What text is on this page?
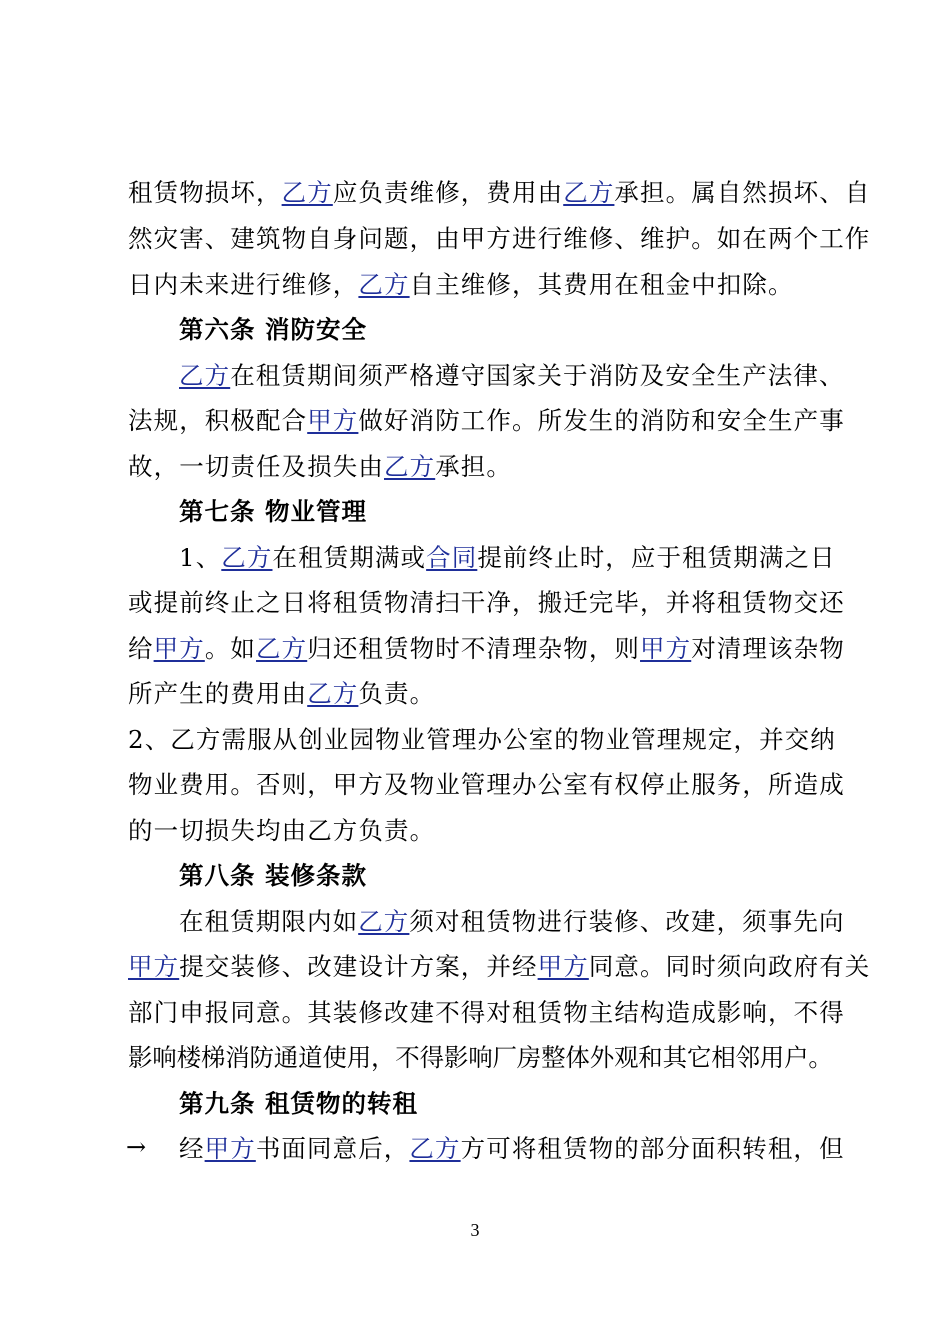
租赁物损坏，乙方应负责维修，费用由乙方承担。属自然损坏、自
然灾害、建筑物自身问题，由甲方进行维修、维护。如在两个工作
日内未来进行维修，乙方自主维修，其费用在租金中扣除。
第六条 消防安全
乙方在租赁期间须严格遵守国家关于消防及安全生产法律、
法规，积极配合甲方做好消防工作。所发生的消防和安全生产事
故，一切责任及损失由乙方承担。
第七条 物业管理
1、乙方在租赁期满或合同提前终止时，应于租赁期满之日
或提前终止之日将租赁物清扫干净，搬迁完毕，并将租赁物交还
给甲方。如乙方归还租赁物时不清理杂物，则甲方对清理该杂物
所产生的费用由乙方负责。
2、乙方需服从创业园物业管理办公室的物业管理规定，并交纳
物业费用。否则，甲方及物业管理办公室有权停止服务，所造成
的一切损失均由乙方负责。
第八条 装修条款
在租赁期限内如乙方须对租赁物进行装修、改建，须事先向
甲方提交装修、改建设计方案，并经甲方同意。同时须向政府有关
部门申报同意。其装修改建不得对租赁物主结构造成影响，不得
影响楼梯消防通道使用，不得影响厂房整体外观和其它相邻用户。
第九条 租赁物的转租
→ 经甲方书面同意后，乙方方可将租赁物的部分面积转租，但
3
